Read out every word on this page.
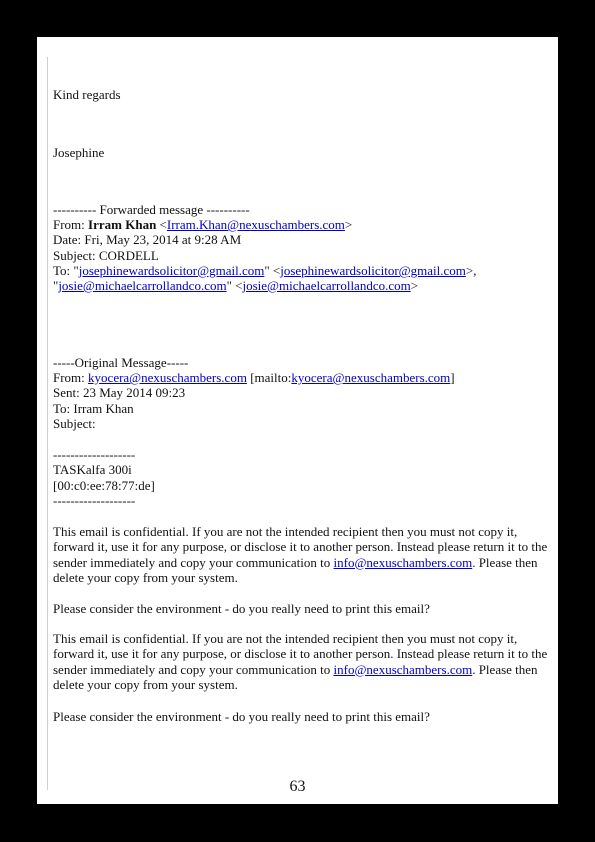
Kind regards
Josephine
---------- Forwarded message ----------
From: Irram Khan <Irram.Khan@nexuschambers.com>
Date: Fri, May 23, 2014 at 9:28 AM
Subject: CORDELL
To: "josephinewardsolicitor@gmail.com" <josephinewardsolicitor@gmail.com>,
"josie@michaelcarrollandco.com" <josie@michaelcarrollandco.com>
-----Original Message-----
From: kyocera@nexuschambers.com [mailto:kyocera@nexuschambers.com]
Sent: 23 May 2014 09:23
To: Irram Khan
Subject:
-------------------
TASKalfa 300i
[00:c0:ee:78:77:de]
-------------------
This email is confidential. If you are not the intended recipient then you must not copy it, forward it, use it for any purpose, or disclose it to another person. Instead please return it to the sender immediately and copy your communication to info@nexuschambers.com. Please then delete your copy from your system.
Please consider the environment - do you really need to print this email?
This email is confidential. If you are not the intended recipient then you must not copy it, forward it, use it for any purpose, or disclose it to another person. Instead please return it to the sender immediately and copy your communication to info@nexuschambers.com. Please then delete your copy from your system.
Please consider the environment - do you really need to print this email?
63
